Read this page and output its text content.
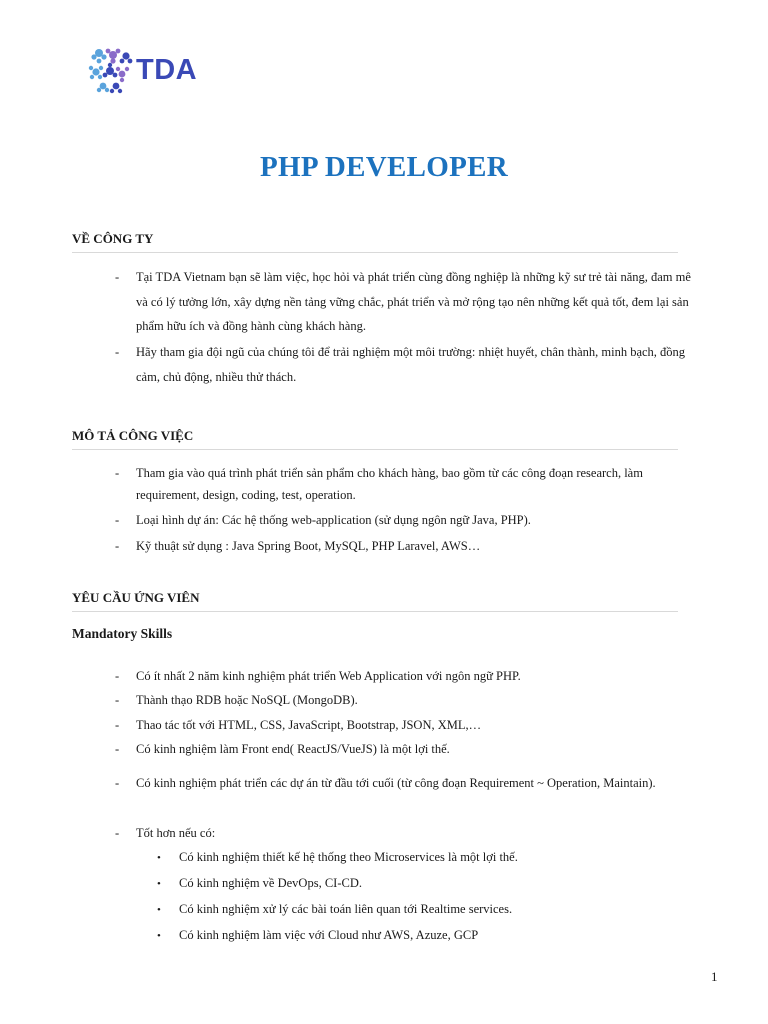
TDA
PHP DEVELOPER
VỀ CÔNG TY
- Tại TDA Vietnam bạn sẽ làm việc, học hỏi và phát triển cùng đồng nghiệp là những kỹ sư trẻ tài năng, đam mê và có lý tưởng lớn, xây dựng nền tảng vững chắc, phát triển và mở rộng tạo nên những kết quả tốt, đem lại sản phẩm hữu ích và đồng hành cùng khách hàng.
- Hãy tham gia đội ngũ của chúng tôi để trải nghiệm một môi trường: nhiệt huyết, chân thành, minh bạch, đồng cảm, chủ động, nhiều thử thách.
MÔ TẢ CÔNG VIỆC
- Tham gia vào quá trình phát triển sản phẩm cho khách hàng, bao gồm từ các công đoạn research, làm requirement, design, coding, test, operation.
- Loại hình dự án: Các hệ thống web-application (sử dụng ngôn ngữ Java, PHP).
- Kỹ thuật sử dụng : Java Spring Boot, MySQL, PHP Laravel, AWS…
YÊU CẦU ỨNG VIÊN
Mandatory Skills
- Có ít nhất 2 năm kinh nghiệm phát triển Web Application với ngôn ngữ PHP.
- Thành thạo RDB hoặc NoSQL (MongoDB).
- Thao tác tốt với HTML, CSS, JavaScript, Bootstrap, JSON, XML,…
- Có kinh nghiệm làm Front end( ReactJS/VueJS) là một lợi thế.
- Có kinh nghiệm phát triển các dự án từ đầu tới cuối (từ công đoạn Requirement ~ Operation, Maintain).
- Tốt hơn nếu có:
• Có kinh nghiệm thiết kế hệ thống theo Microservices là một lợi thế.
• Có kinh nghiệm về DevOps, CI-CD.
• Có kinh nghiệm xử lý các bài toán liên quan tới Realtime services.
• Có kinh nghiệm làm việc với Cloud như AWS, Azuze, GCP
1
